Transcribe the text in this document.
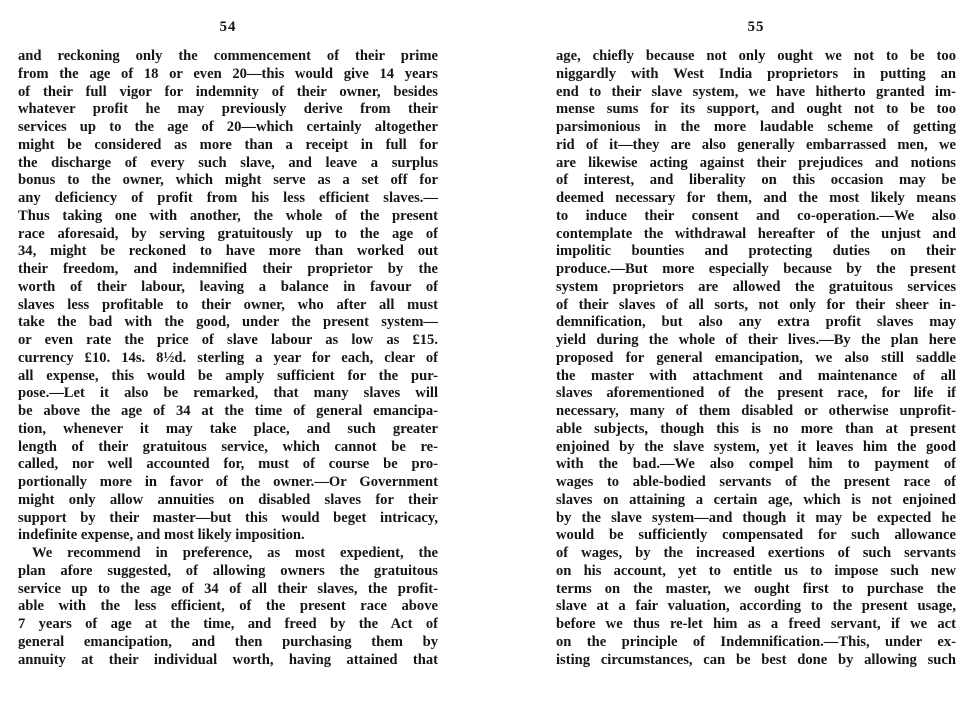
54
and reckoning only the commencement of their prime
from the age of 18 or even 20—this would give 14 years
of their full vigor for indemnity of their owner, besides
whatever profit he may previously derive from their
services up to the age of 20—which certainly altogether
might be considered as more than a receipt in full for
the discharge of every such slave, and leave a surplus
bonus to the owner, which might serve as a set off for
any deficiency of profit from his less efficient slaves.—
Thus taking one with another, the whole of the present
race aforesaid, by serving gratuitously up to the age of
34, might be reckoned to have more than worked out
their freedom, and indemnified their proprietor by the
worth of their labour, leaving a balance in favour of
slaves less profitable to their owner, who after all must
take the bad with the good, under the present system—
or even rate the price of slave labour as low as £15.
currency £10. 14s. 8½d. sterling a year for each, clear of
all expense, this would be amply sufficient for the pur-
pose.—Let it also be remarked, that many slaves will
be above the age of 34 at the time of general emancipa-
tion, whenever it may take place, and such greater
length of their gratuitous service, which cannot be re-
called, nor well accounted for, must of course be pro-
portionally more in favor of the owner.—Or Government
might only allow annuities on disabled slaves for their
support by their master—but this would beget intricacy,
indefinite expense, and most likely imposition.
We recommend in preference, as most expedient, the
plan afore suggested, of allowing owners the gratuitous
service up to the age of 34 of all their slaves, the profit-
able with the less efficient, of the present race above
7 years of age at the time, and freed by the Act of
general emancipation, and then purchasing them by
annuity at their individual worth, having attained that
55
age, chiefly because not only ought we not to be too
niggardly with West India proprietors in putting an
end to their slave system, we have hitherto granted im-
mense sums for its support, and ought not to be too
parsimonious in the more laudable scheme of getting
rid of it—they are also generally embarrassed men, we
are likewise acting against their prejudices and notions
of interest, and liberality on this occasion may be
deemed necessary for them, and the most likely means
to induce their consent and co-operation.—We also
contemplate the withdrawal hereafter of the unjust and
impolitic bounties and protecting duties on their
produce.—But more especially because by the present
system proprietors are allowed the gratuitous services
of their slaves of all sorts, not only for their sheer in-
demnification, but also any extra profit slaves may
yield during the whole of their lives.—By the plan here
proposed for general emancipation, we also still saddle
the master with attachment and maintenance of all
slaves aforementioned of the present race, for life if
necessary, many of them disabled or otherwise unprofit-
able subjects, though this is no more than at present
enjoined by the slave system, yet it leaves him the good
with the bad.—We also compel him to payment of
wages to able-bodied servants of the present race of
slaves on attaining a certain age, which is not enjoined
by the slave system—and though it may be expected he
would be sufficiently compensated for such allowance
of wages, by the increased exertions of such servants
on his account, yet to entitle us to impose such new
terms on the master, we ought first to purchase the
slave at a fair valuation, according to the present usage,
before we thus re-let him as a freed servant, if we act
on the principle of Indemnification.—This, under ex-
isting circumstances, can be best done by allowing such
